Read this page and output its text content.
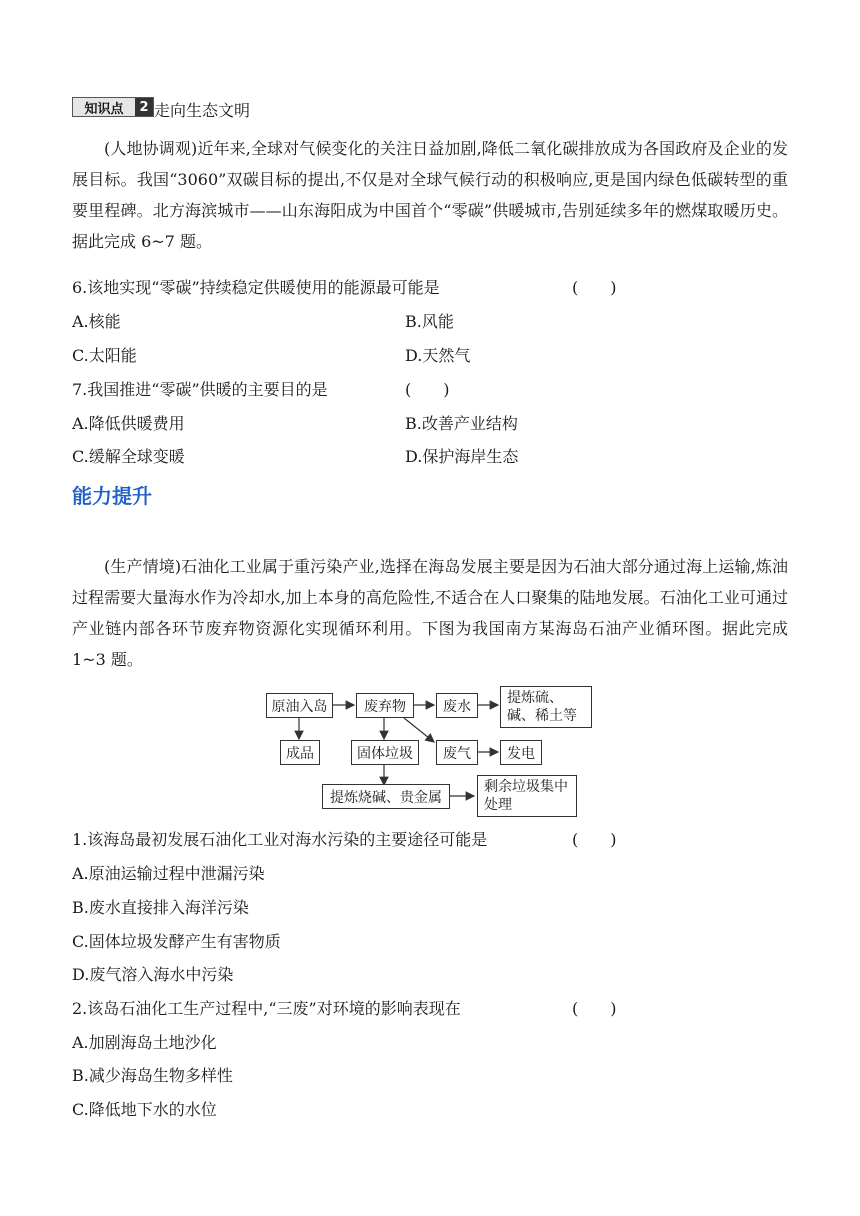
知识点	2 走向生态文明
(人地协调观)近年来,全球对气候变化的关注日益加剧,降低二氧化碳排放成为各国政府及企业的发展目标。我国“3060”双碳目标的提出,不仅是对全球气候行动的积极响应,更是国内绿色低碳转型的重要里程碑。北方海滨城市——山东海阳成为中国首个“零碳”供暖城市,告别延续多年的燃煤取暖历史。据此完成 6~7 题。
6.该地实现“零碳”持续稳定供暖使用的能源最可能是	(　　)
A.核能	B.风能
C.太阳能	D.天然气
7.我国推进“零碳”供暖的主要目的是	(　　)
A.降低供暖费用	B.改善产业结构
C.缓解全球变暖	D.保护海岸生态
能力提升
(生产情境)石油化工业属于重污染产业,选择在海岛发展主要是因为石油大部分通过海上运输,炼油过程需要大量海水作为冷却水,加上本身的高危险性,不适合在人口聚集的陆地发展。石油化工业可通过产业链内部各环节废弃物资源化实现循环利用。下图为我国南方某海岛石油产业循环图。据此完成 1~3 题。
原油入岛	废弃物	废水
提炼硫、碱、稀土等
成品	固体垃圾	废气	发电
提炼烧碱、贵金属
剩余垃圾集中处理
1.该海岛最初发展石油化工业对海水污染的主要途径可能是	(　　)
A.原油运输过程中泄漏污染
B.废水直接排入海洋污染
C.固体垃圾发酵产生有害物质
D.废气溶入海水中污染
2.该岛石油化工生产过程中,“三废”对环境的影响表现在	(　　)
A.加剧海岛土地沙化
B.减少海岛生物多样性
C.降低地下水的水位
